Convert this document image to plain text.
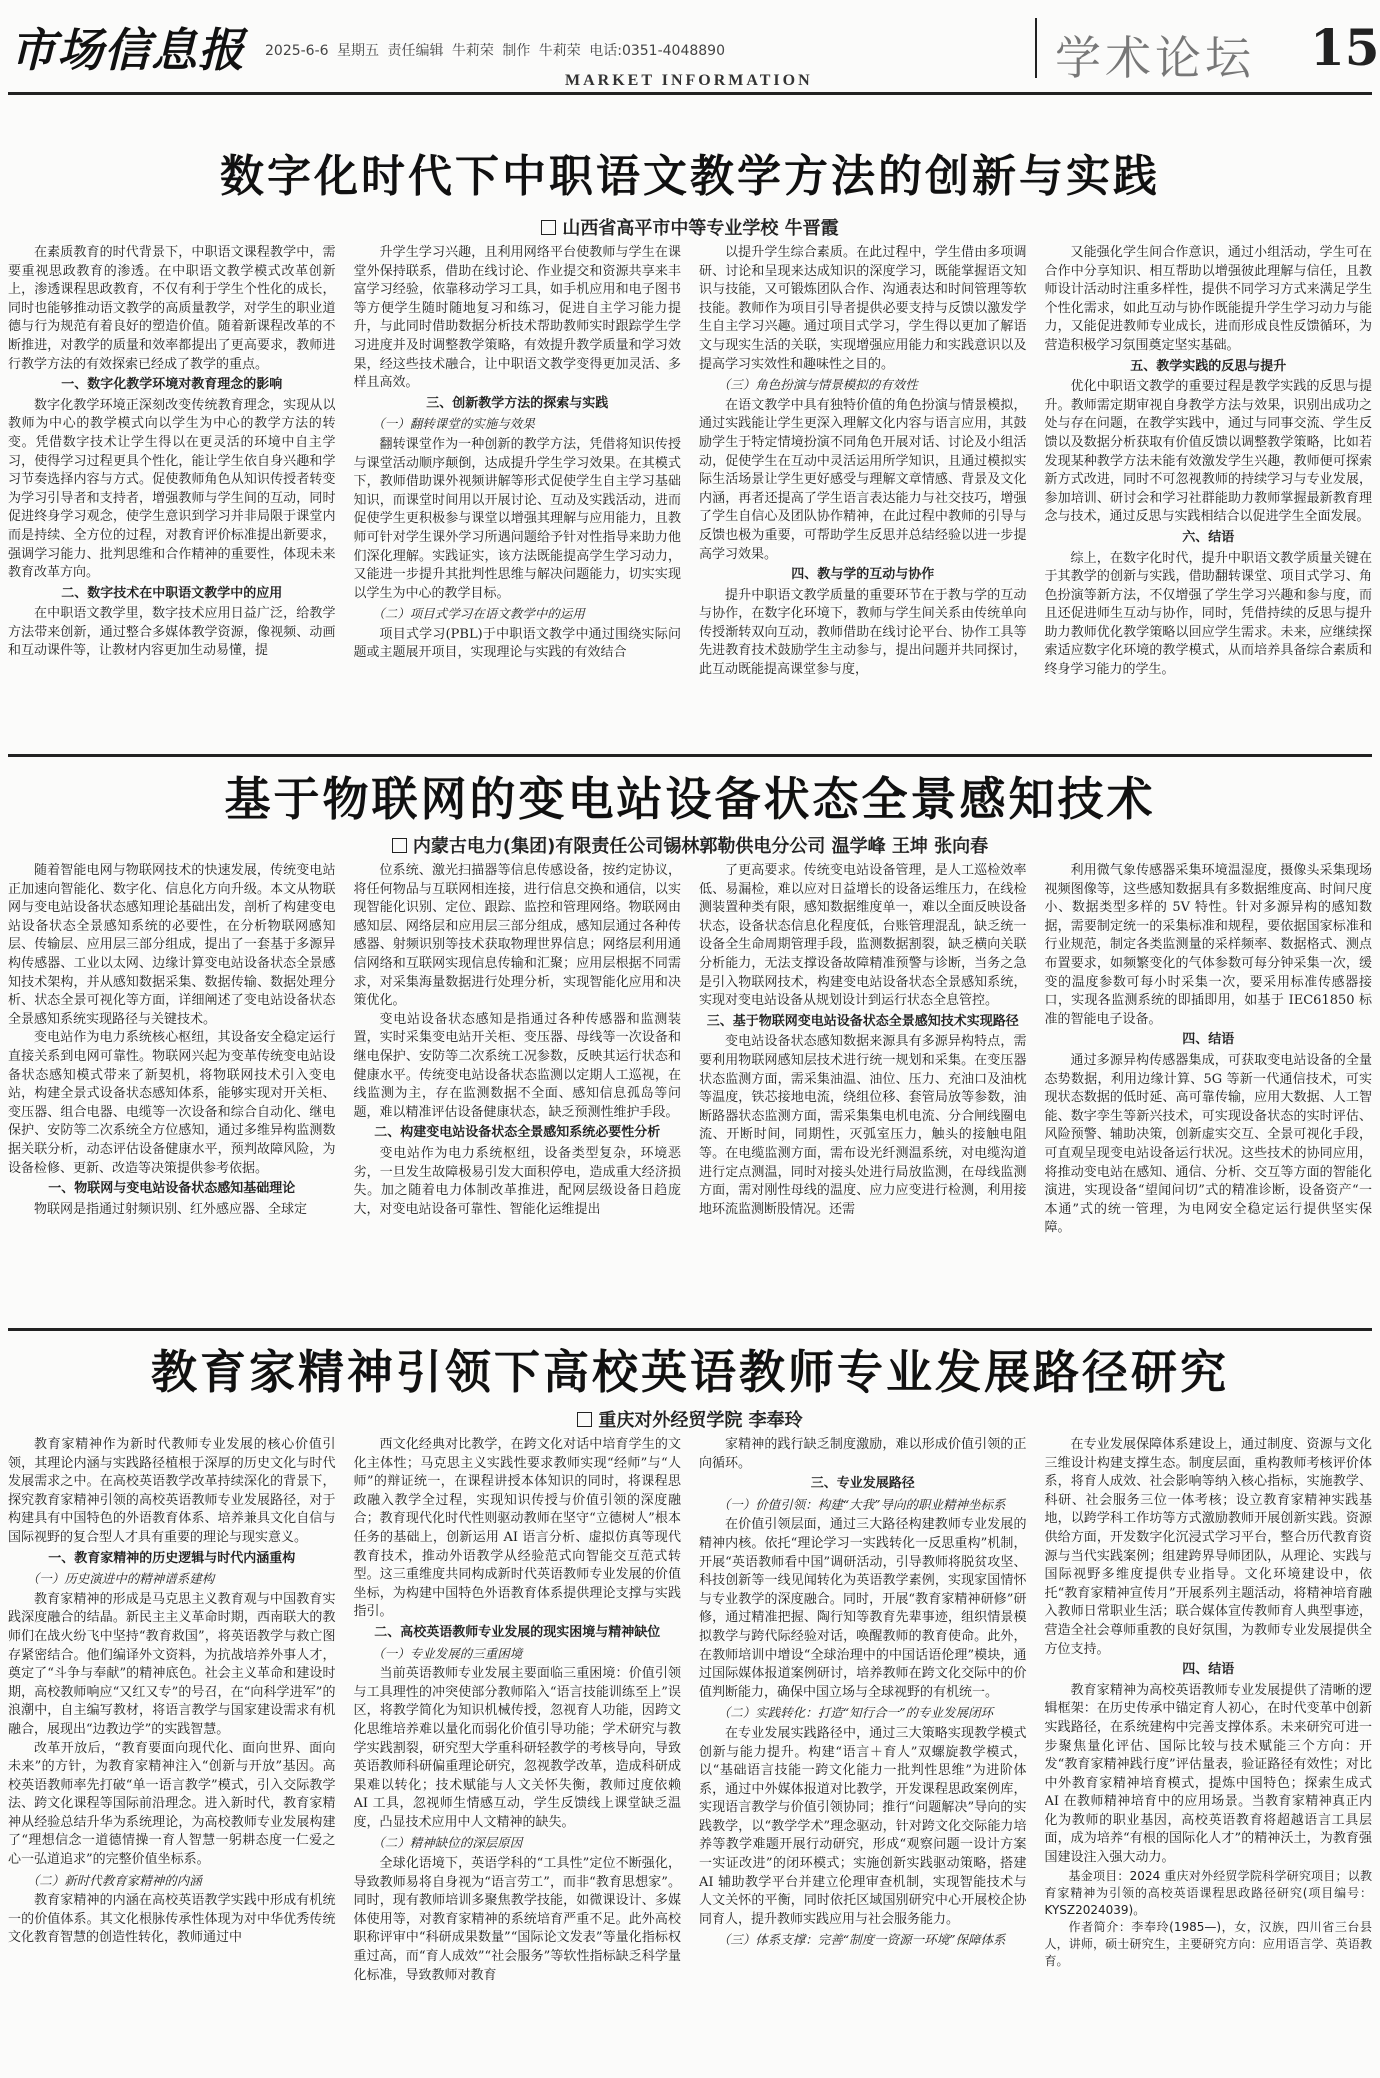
市场信息报 2025-6-6 星期五 责任编辑 牛莉荣 制作 牛莉荣 电话:0351-4048890
MARKET INFORMATION	学术论坛 15
数字化时代下中职语文教学方法的创新与实践
山西省高平市中等专业学校 牛晋霞

在素质教育的时代背景下，中职语文课程教学中，需要重视思政教育的渗透。在中职语文教学模式改革创新上，渗透课程思政教育，不仅有利于学生个性化的成长，同时也能够推动语文教学的高质量教学，对学生的职业道德与行为规范有着良好的塑造价值。随着新课程改革的不断推进，对教学的质量和效率都提出了更高要求，教师进行教学方法的有效探索已经成了教学的重点。

一、数字化教学环境对教育理念的影响

数字化教学环境正深刻改变传统教育理念，实现从以教师为中心的教学模式向以学生为中心的教学方法的转变。凭借数字技术让学生得以在更灵活的环境中自主学习，使得学习过程更具个性化，能让学生依自身兴趣和学习节奏选择内容与方式。促使教师角色从知识传授者转变为学习引导者和支持者，增强教师与学生间的互动，同时促进终身学习观念，使学生意识到学习并非局限于课堂内而是持续、全方位的过程，对教育评价标准提出新要求，强调学习能力、批判思维和合作精神的重要性，体现未来教育改革方向。

二、数字技术在中职语文教学中的应用

在中职语文教学里，数字技术应用日益广泛，给教学方法带来创新，通过整合多媒体教学资源，像视频、动画和互动课件等，让教材内容更加生动易懂，提

升学生学习兴趣，且利用网络平台使教师与学生在课堂外保持联系，借助在线讨论、作业提交和资源共享来丰富学习经验，依靠移动学习工具，如手机应用和电子图书等方便学生随时随地复习和练习，促进自主学习能力提升，与此同时借助数据分析技术帮助教师实时跟踪学生学习进度并及时调整教学策略，有效提升教学质量和学习效果，经这些技术融合，让中职语文教学变得更加灵活、多样且高效。

三、创新教学方法的探索与实践
（一）翻转课堂的实施与效果

翻转课堂作为一种创新的教学方法，凭借将知识传授与课堂活动顺序颠倒，达成提升学生学习效果。在其模式下，教师借助课外视频讲解等形式促使学生自主学习基础知识，而课堂时间用以开展讨论、互动及实践活动，进而促使学生更积极参与课堂以增强其理解与应用能力，且教师可针对学生课外学习所遇问题给予针对性指导来助力他们深化理解。实践证实，该方法既能提高学生学习动力，又能进一步提升其批判性思维与解决问题能力，切实实现以学生为中心的教学目标。

（二）项目式学习在语文教学中的运用

项目式学习(PBL)于中职语文教学中通过围绕实际问题或主题展开项目，实现理论与实践的有效结合

以提升学生综合素质。在此过程中，学生借由多项调研、讨论和呈现来达成知识的深度学习，既能掌握语文知识与技能，又可锻炼团队合作、沟通表达和时间管理等软技能。教师作为项目引导者提供必要支持与反馈以激发学生自主学习兴趣。通过项目式学习，学生得以更加了解语文与现实生活的关联，实现增强应用能力和实践意识以及提高学习实效性和趣味性之目的。

（三）角色扮演与情景模拟的有效性

在语文教学中具有独特价值的角色扮演与情景模拟，通过实践能让学生更深入理解文化内容与语言应用，其鼓励学生于特定情境扮演不同角色开展对话、讨论及小组活动，促使学生在互动中灵活运用所学知识，且通过模拟实际生活场景让学生更好感受与理解文章情感、背景及文化内涵，再者还提高了学生语言表达能力与社交技巧，增强了学生自信心及团队协作精神，在此过程中教师的引导与反馈也极为重要，可帮助学生反思并总结经验以进一步提高学习效果。

四、教与学的互动与协作

提升中职语文教学质量的重要环节在于教与学的互动与协作，在数字化环境下，教师与学生间关系由传统单向传授渐转双向互动，教师借助在线讨论平台、协作工具等先进教育技术鼓励学生主动参与，提出问题并共同探讨，此互动既能提高课堂参与度，

又能强化学生间合作意识，通过小组活动，学生可在合作中分享知识、相互帮助以增强彼此理解与信任，且教师设计活动时注重多样性，提供不同学习方式来满足学生个性化需求，如此互动与协作既能提升学生学习动力与能力，又能促进教师专业成长，进而形成良性反馈循环，为营造积极学习氛围奠定坚实基础。

五、教学实践的反思与提升

优化中职语文教学的重要过程是教学实践的反思与提升。教师需定期审视自身教学方法与效果，识别出成功之处与存在问题，在教学实践中，通过与同事交流、学生反馈以及数据分析获取有价值反馈以调整教学策略，比如若发现某种教学方法未能有效激发学生兴趣，教师便可探索新方式改进，同时不可忽视教师的持续学习与专业发展，参加培训、研讨会和学习社群能助力教师掌握最新教育理念与技术，通过反思与实践相结合以促进学生全面发展。

六、结语

综上，在数字化时代，提升中职语文教学质量关键在于其教学的创新与实践，借助翻转课堂、项目式学习、角色扮演等新方法，不仅增强了学生学习兴趣和参与度，而且还促进师生互动与协作，同时，凭借持续的反思与提升助力教师优化教学策略以回应学生需求。未来，应继续探索适应数字化环境的教学模式，从而培养具备综合素质和终身学习能力的学生。

基于物联网的变电站设备状态全景感知技术
内蒙古电力(集团)有限责任公司锡林郭勒供电分公司 温学峰 王坤 张向春

随着智能电网与物联网技术的快速发展，传统变电站正加速向智能化、数字化、信息化方向升级。本文从物联网与变电站设备状态感知理论基础出发，剖析了构建变电站设备状态全景感知系统的必要性，在分析物联网感知层、传输层、应用层三部分组成，提出了一套基于多源异构传感器、工业以太网、边缘计算变电站设备状态全景感知技术架构，并从感知数据采集、数据传输、数据处理分析、状态全景可视化等方面，详细阐述了变电站设备状态全景感知系统实现路径与关键技术。

变电站作为电力系统核心枢纽，其设备安全稳定运行直接关系到电网可靠性。物联网兴起为变革传统变电站设备状态感知模式带来了新契机，将物联网技术引入变电站，构建全景式设备状态感知体系，能够实现对开关柜、变压器、组合电器、电缆等一次设备和综合自动化、继电保护、安防等二次系统全方位感知，通过多维异构监测数据关联分析，动态评估设备健康水平，预判故障风险，为设备检修、更新、改造等决策提供参考依据。

一、物联网与变电站设备状态感知基础理论

物联网是指通过射频识别、红外感应器、全球定

位系统、激光扫描器等信息传感设备，按约定协议，将任何物品与互联网相连接，进行信息交换和通信，以实现智能化识别、定位、跟踪、监控和管理网络。物联网由感知层、网络层和应用层三部分组成，感知层通过各种传感器、射频识别等技术获取物理世界信息；网络层利用通信网络和互联网实现信息传输和汇聚；应用层根据不同需求，对采集海量数据进行处理分析，实现智能化应用和决策优化。

变电站设备状态感知是指通过各种传感器和监测装置，实时采集变电站开关柜、变压器、母线等一次设备和继电保护、安防等二次系统工况参数，反映其运行状态和健康水平。传统变电站设备状态监测以定期人工巡视，在线监测为主，存在监测数据不全面、感知信息孤岛等问题，难以精准评估设备健康状态，缺乏预测性维护手段。

二、构建变电站设备状态全景感知系统必要性分析

变电站作为电力系统枢纽，设备类型复杂，环境恶劣，一旦发生故障极易引发大面积停电，造成重大经济损失。加之随着电力体制改革推进，配网层级设备日趋庞大，对变电站设备可靠性、智能化运维提出

了更高要求。传统变电站设备管理，是人工巡检效率低、易漏检，难以应对日益增长的设备运维压力，在线检测装置种类有限，感知数据维度单一，难以全面反映设备状态，设备状态信息化程度低，台账管理混乱，缺乏统一设备全生命周期管理手段，监测数据割裂，缺乏横向关联分析能力，无法支撑设备故障精准预警与诊断，当务之急是引入物联网技术，构建变电站设备状态全景感知系统，实现对变电站设备从规划设计到运行状态全息管控。

三、基于物联网变电站设备状态全景感知技术实现路径

变电站设备状态感知数据来源具有多源异构特点，需要利用物联网感知层技术进行统一规划和采集。在变压器状态监测方面，需采集油温、油位、压力、充油口及油枕等温度，铁芯接地电流，绕组位移、套管局放等参数，油断路器状态监测方面，需采集集电机电流、分合闸线圈电流、开断时间，同期性，灭弧室压力，触头的接触电阻等。在电缆监测方面，需布设光纤测温系统，对电缆沟道进行定点测温，同时对接头处进行局放监测，在母线监测方面，需对刚性母线的温度、应力应变进行检测，利用接地环流监测断股情况。还需

利用微气象传感器采集环境温湿度，摄像头采集现场视频图像等，这些感知数据具有多数据维度高、时间尺度小、数据类型多样的 5V 特性。针对多源异构的感知数据，需要制定统一的采集标准和规程，要依据国家标准和行业规范，制定各类监测量的采样频率、数据格式、测点布置要求，如频繁变化的气体参数可每分钟采集一次，缓变的温度参数可每小时采集一次，要采用标准传感器接口，实现各监测系统的即插即用，如基于 IEC61850 标准的智能电子设备。

四、结语

通过多源异构传感器集成，可获取变电站设备的全量态势数据，利用边缘计算、5G 等新一代通信技术，可实现状态数据的低时延、高可靠传输，应用大数据、人工智能、数字孪生等新兴技术，可实现设备状态的实时评估、风险预警、辅助决策，创新虚实交互、全景可视化手段，可直观呈现变电站设备运行状况。这些技术的协同应用，将推动变电站在感知、通信、分析、交互等方面的智能化演进，实现设备“望闻问切”式的精准诊断，设备资产“一本通”式的统一管理，为电网安全稳定运行提供坚实保障。

教育家精神引领下高校英语教师专业发展路径研究
重庆对外经贸学院 李奉玲

教育家精神作为新时代教师专业发展的核心价值引领，其理论内涵与实践路径植根于深厚的历史文化与时代发展需求之中。在高校英语教学改革持续深化的背景下，探究教育家精神引领的高校英语教师专业发展路径，对于构建具有中国特色的外语教育体系、培养兼具文化自信与国际视野的复合型人才具有重要的理论与现实意义。

一、教育家精神的历史逻辑与时代内涵重构
（一）历史演进中的精神谱系建构

教育家精神的形成是马克思主义教育观与中国教育实践深度融合的结晶。新民主主义革命时期，西南联大的教师们在战火纷飞中坚持“教育救国”，将英语教学与救亡图存紧密结合。他们编译外文资料，为抗战培养外事人才，奠定了“斗争与奉献”的精神底色。社会主义革命和建设时期，高校教师响应“又红又专”的号召，在“向科学进军”的浪潮中，自主编写教材，将语言教学与国家建设需求有机融合，展现出“边教边学”的实践智慧。

改革开放后，“教育要面向现代化、面向世界、面向未来”的方针，为教育家精神注入“创新与开放”基因。高校英语教师率先打破“单一语言教学”模式，引入交际教学法、跨文化课程等国际前沿理念。进入新时代，教育家精神从经验总结升华为系统理论，为高校教师专业发展构建了“理想信念一道德情操一育人智慧一躬耕态度一仁爱之心一弘道追求”的完整价值坐标系。

（二）新时代教育家精神的内涵

教育家精神的内涵在高校英语教学实践中形成有机统一的价值体系。其文化根脉传承性体现为对中华优秀传统文化教育智慧的创造性转化，教师通过中

西文化经典对比教学，在跨文化对话中培育学生的文化主体性；马克思主义实践性要求教师实现“经师”与“人师”的辩证统一，在课程讲授本体知识的同时，将课程思政融入教学全过程，实现知识传授与价值引领的深度融合；教育现代化时代性则驱动教师在坚守“立德树人”根本任务的基础上，创新运用 AI 语言分析、虚拟仿真等现代教育技术，推动外语教学从经验范式向智能交互范式转型。这三重维度共同构成新时代英语教师专业发展的价值坐标，为构建中国特色外语教育体系提供理论支撑与实践指引。

二、高校英语教师专业发展的现实困境与精神缺位
（一）专业发展的三重困境

当前英语教师专业发展主要面临三重困境：价值引领与工具理性的冲突使部分教师陷入“语言技能训练至上”误区，将教学简化为知识机械传授，忽视育人功能，因跨文化思维培养难以量化而弱化价值引导功能；学术研究与教学实践割裂，研究型大学重科研轻教学的考核导向，导致英语教师科研偏重理论研究，忽视教学改革，造成科研成果难以转化；技术赋能与人文关怀失衡，教师过度依赖 AI 工具，忽视师生情感互动，学生反馈线上课堂缺乏温度，凸显技术应用中人文精神的缺失。

（二）精神缺位的深层原因

全球化语境下，英语学科的“工具性”定位不断强化，导致教师易将自身视为“语言劳工”，而非“教育思想家”。同时，现有教师培训多聚焦教学技能，如微课设计、多媒体使用等，对教育家精神的系统培育严重不足。此外高校职称评审中“科研成果数量”“国际论文发表”等量化指标权重过高，而“育人成效”“社会服务”等软性指标缺乏科学量化标准，导致教师对教育

家精神的践行缺乏制度激励，难以形成价值引领的正向循环。

三、专业发展路径
（一）价值引领：构建“大我”导向的职业精神坐标系

在价值引领层面，通过三大路径构建教师专业发展的精神内核。依托“理论学习一实践转化一反思重构”机制，开展“英语教师看中国”调研活动，引导教师将脱贫攻坚、科技创新等一线见闻转化为英语教学素例，实现家国情怀与专业教学的深度融合。同时，开展“教育家精神研修”研修，通过精准把握、陶行知等教育先辈事迹，组织情景模拟教学与跨代际经验对话，唤醒教师的教育使命。此外，在教师培训中增设“全球治理中的中国话语伦理”模块，通过国际媒体报道案例研讨，培养教师在跨文化交际中的价值判断能力，确保中国立场与全球视野的有机统一。

（二）实践转化：打造“知行合一”的专业发展闭环

在专业发展实践路径中，通过三大策略实现教学模式创新与能力提升。构建“语言＋育人”双螺旋教学模式，以“基础语言技能一跨文化能力一批判性思维”为进阶体系，通过中外媒体报道对比教学，开发课程思政案例库，实现语言教学与价值引领协同；推行“问题解决”导向的实践教学，以“教学学术”理念驱动，针对跨文化交际能力培养等教学难题开展行动研究，形成“观察问题一设计方案一实证改进”的闭环模式；实施创新实践驱动策略，搭建 AI 辅助教学平台并建立伦理审查机制，实现智能技术与人文关怀的平衡，同时依托区域国别研究中心开展校企协同育人，提升教师实践应用与社会服务能力。

（三）体系支撑：完善“制度一资源一环境”保障体系

在专业发展保障体系建设上，通过制度、资源与文化三维设计构建支撑生态。制度层面，重构教师考核评价体系，将育人成效、社会影响等纳入核心指标，实施教学、科研、社会服务三位一体考核；设立教育家精神实践基地，以跨学科工作坊等方式激励教师开展创新实践。资源供给方面，开发数字化沉浸式学习平台，整合历代教育资源与当代实践案例；组建跨界导师团队，从理论、实践与国际视野多维度提供专业指导。文化环境建设中，依托“教育家精神宣传月”开展系列主题活动，将精神培育融入教师日常职业生活；联合媒体宣传教师育人典型事迹，营造全社会尊师重教的良好氛围，为教师专业发展提供全方位支持。

四、结语

教育家精神为高校英语教师专业发展提供了清晰的逻辑框架：在历史传承中锚定育人初心，在时代变革中创新实践路径，在系统建构中完善支撑体系。未来研究可进一步聚焦量化评估、国际比较与技术赋能三个方向：开发“教育家精神践行度”评估量表，验证路径有效性；对比中外教育家精神培育模式，提炼中国特色；探索生成式 AI 在教师精神培育中的应用场景。当教育家精神真正内化为教师的职业基因，高校英语教育将超越语言工具层面，成为培养“有根的国际化人才”的精神沃土，为教育强国建设注入强大动力。

基金项目：2024 重庆对外经贸学院科学研究项目；以教育家精神为引领的高校英语课程思政路径研究(项目编号：KYSZ2024039)。

作者简介：李奉玲(1985—)，女，汉族，四川省三台县人，讲师，硕士研究生，主要研究方向：应用语言学、英语教育。
